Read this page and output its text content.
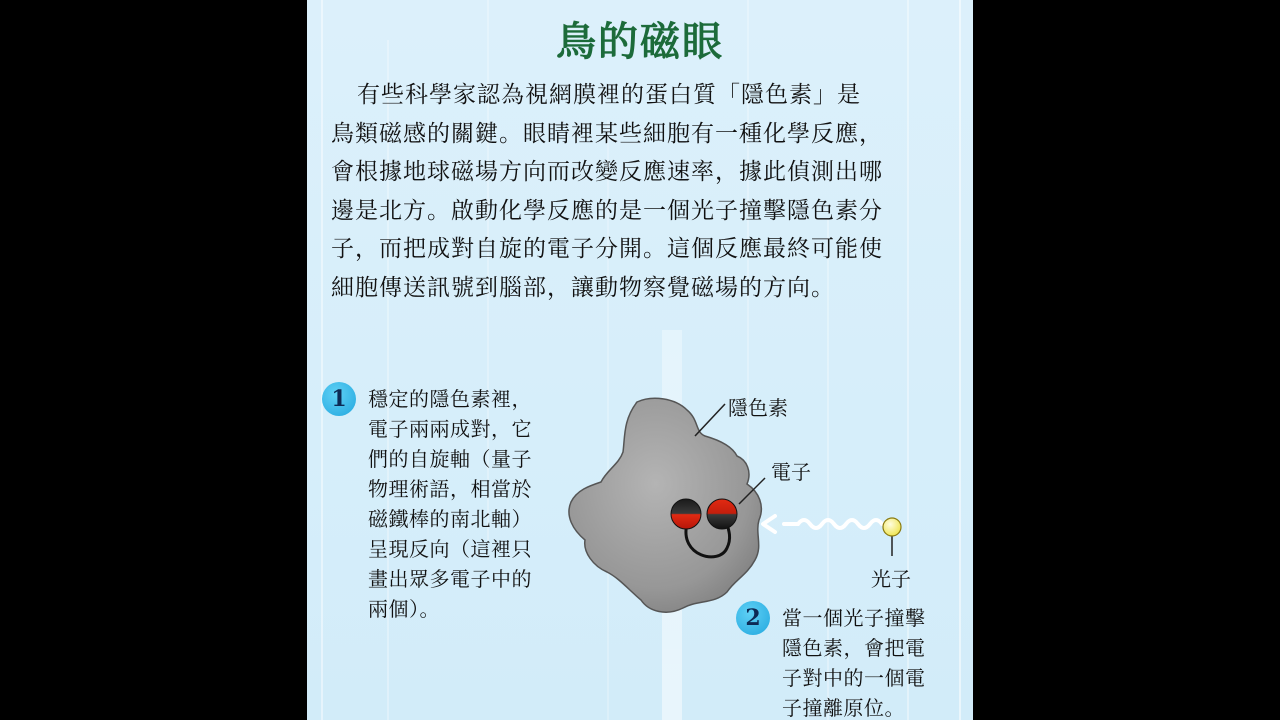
鳥的磁眼

有些科學家認為視網膜裡的蛋白質「隱色素」是
鳥類磁感的關鍵。眼睛裡某些細胞有一種化學反應，
會根據地球磁場方向而改變反應速率，據此偵測出哪
邊是北方。啟動化學反應的是一個光子撞擊隱色素分
子，而把成對自旋的電子分開。這個反應最終可能使
細胞傳送訊號到腦部，讓動物察覺磁場的方向。

隱色素
電子
光子
1	穩定的隱色素裡，
電子兩兩成對，它
們的自旋軸（量子
物理術語，相當於
磁鐵棒的南北軸）
呈現反向（這裡只
畫出眾多電子中的
兩個）。	2	當一個光子撞擊
隱色素，會把電
子對中的一個電
子撞離原位。
